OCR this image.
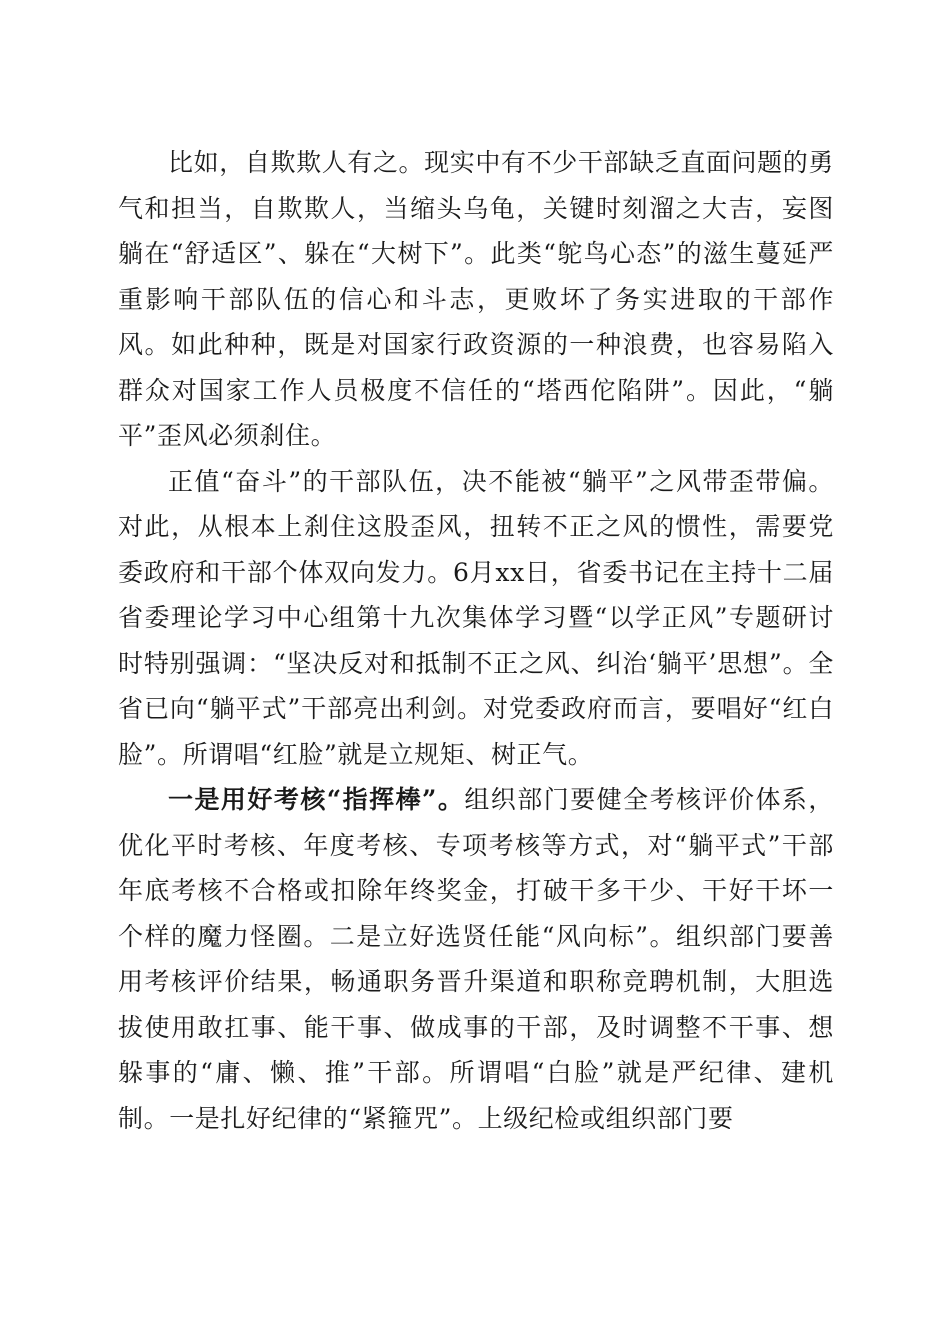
比如，自欺欺人有之。现实中有不少干部缺乏直面问题的勇气和担当，自欺欺人，当缩头乌龟，关键时刻溜之大吉，妄图躺在“舒适区”、躲在“大树下”。此类“鸵鸟心态”的滋生蔓延严重影响干部队伍的信心和斗志，更败坏了务实进取的干部作风。如此种种，既是对国家行政资源的一种浪费，也容易陷入群众对国家工作人员极度不信任的“塔西佗陷阱”。因此，“躺平”歪风必须刹住。

正值“奋斗”的干部队伍，决不能被“躺平”之风带歪带偏。对此，从根本上刹住这股歪风，扭转不正之风的惯性，需要党委政府和干部个体双向发力。6月xx日，省委书记在主持十二届省委理论学习中心组第十九次集体学习暨“以学正风”专题研讨时特别强调：“坚决反对和抵制不正之风、纠治‘躺平’思想”。全省已向“躺平式”干部亮出利剑。对党委政府而言，要唱好“红白脸”。所谓唱“红脸”就是立规矩、树正气。

一是用好考核“指挥棒”。组织部门要健全考核评价体系，优化平时考核、年度考核、专项考核等方式，对“躺平式”干部年底考核不合格或扣除年终奖金，打破干多干少、干好干坏一个样的魔力怪圈。二是立好选贤任能“风向标”。组织部门要善用考核评价结果，畅通职务晋升渠道和职称竞聘机制，大胆选拔使用敢扛事、能干事、做成事的干部，及时调整不干事、想躲事的“庸、懒、推”干部。所谓唱“白脸”就是严纪律、建机制。一是扎好纪律的“紧箍咒”。上级纪检或组织部门要
